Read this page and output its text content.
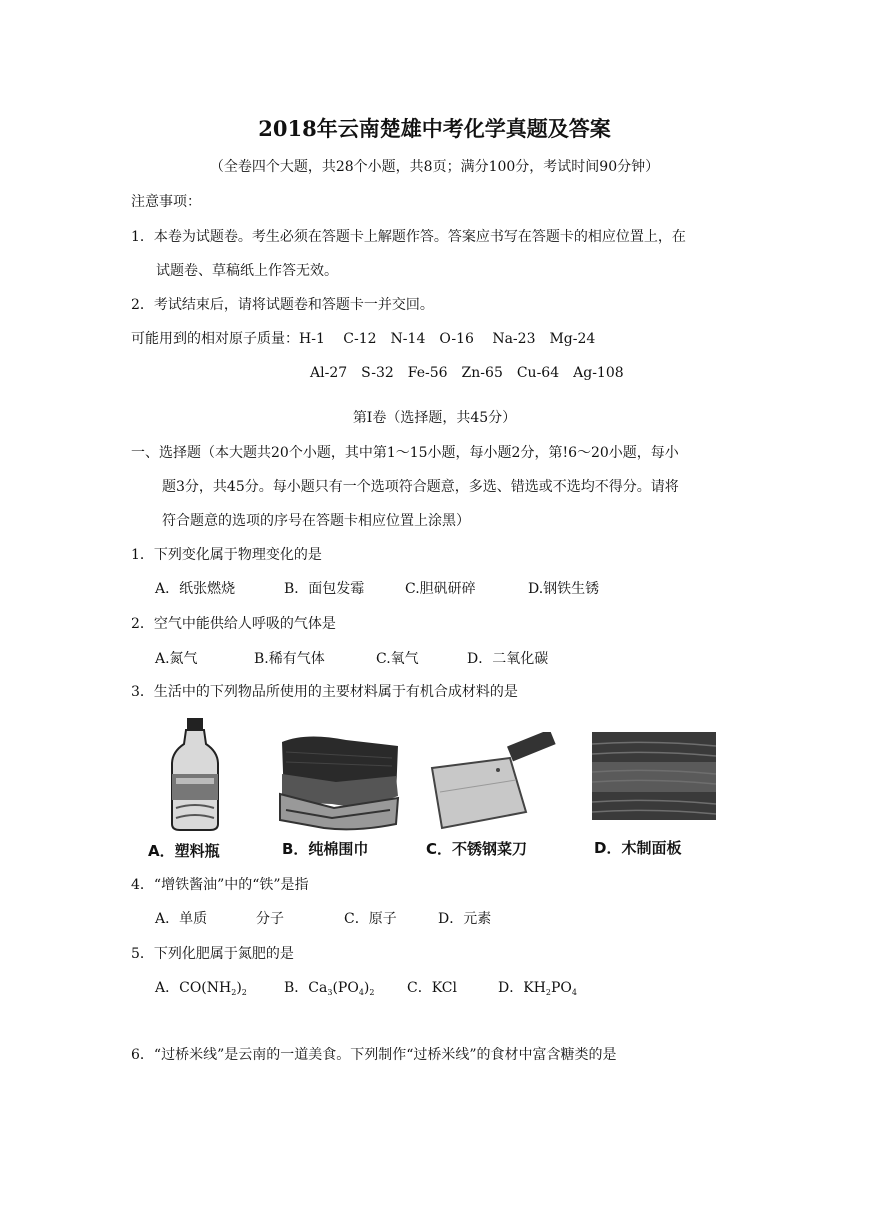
2018年云南楚雄中考化学真题及答案
（全卷四个大题，共28个小题，共8页；满分100分，考试时间90分钟）
注意事项：
1．本卷为试题卷。考生必须在答题卡上解题作答。答案应书写在答题卡的相应位置上，在
试题卷、草稿纸上作答无效。
2．考试结束后，请将试题卷和答题卡一并交回。
可能用到的相对原子质量：H-1　 C-12　N-14　O-16　 Na-23　Mg-24
Al-27　S-32　Fe-56　Zn-65　Cu-64　Ag-108
第Ⅰ卷（选择题，共45分）
一、选择题（本大题共20个小题，其中第1～15小题，每小题2分，第!6～20小题，每小
题3分，共45分。每小题只有一个选项符合题意，多选、错选或不选均不得分。请将
符合题意的选项的序号在答题卡相应位置上涂黑）
1．下列变化属于物理变化的是
A．纸张燃烧	B．面包发霉	C.胆矾研碎	D.钢铁生锈
2．空气中能供给人呼吸的气体是
A.氮气	B.稀有气体	C.氧气	D．二氧化碳
3．生活中的下列物品所使用的主要材料属于有机合成材料的是
A．塑料瓶	B．纯棉围巾	C．不锈钢菜刀	D．木制面板
4．“增铁酱油”中的“铁”是指
A．单质	分子	C．原子	D．元素
5．下列化肥属于氮肥的是
A．$CO(NH_2)_2$	B．$Ca_3(PO_4)_2$ C．KCl	D．$KH_2PO_4$
6．“过桥米线”是云南的一道美食。下列制作“过桥米线”的食材中富含糖类的是
